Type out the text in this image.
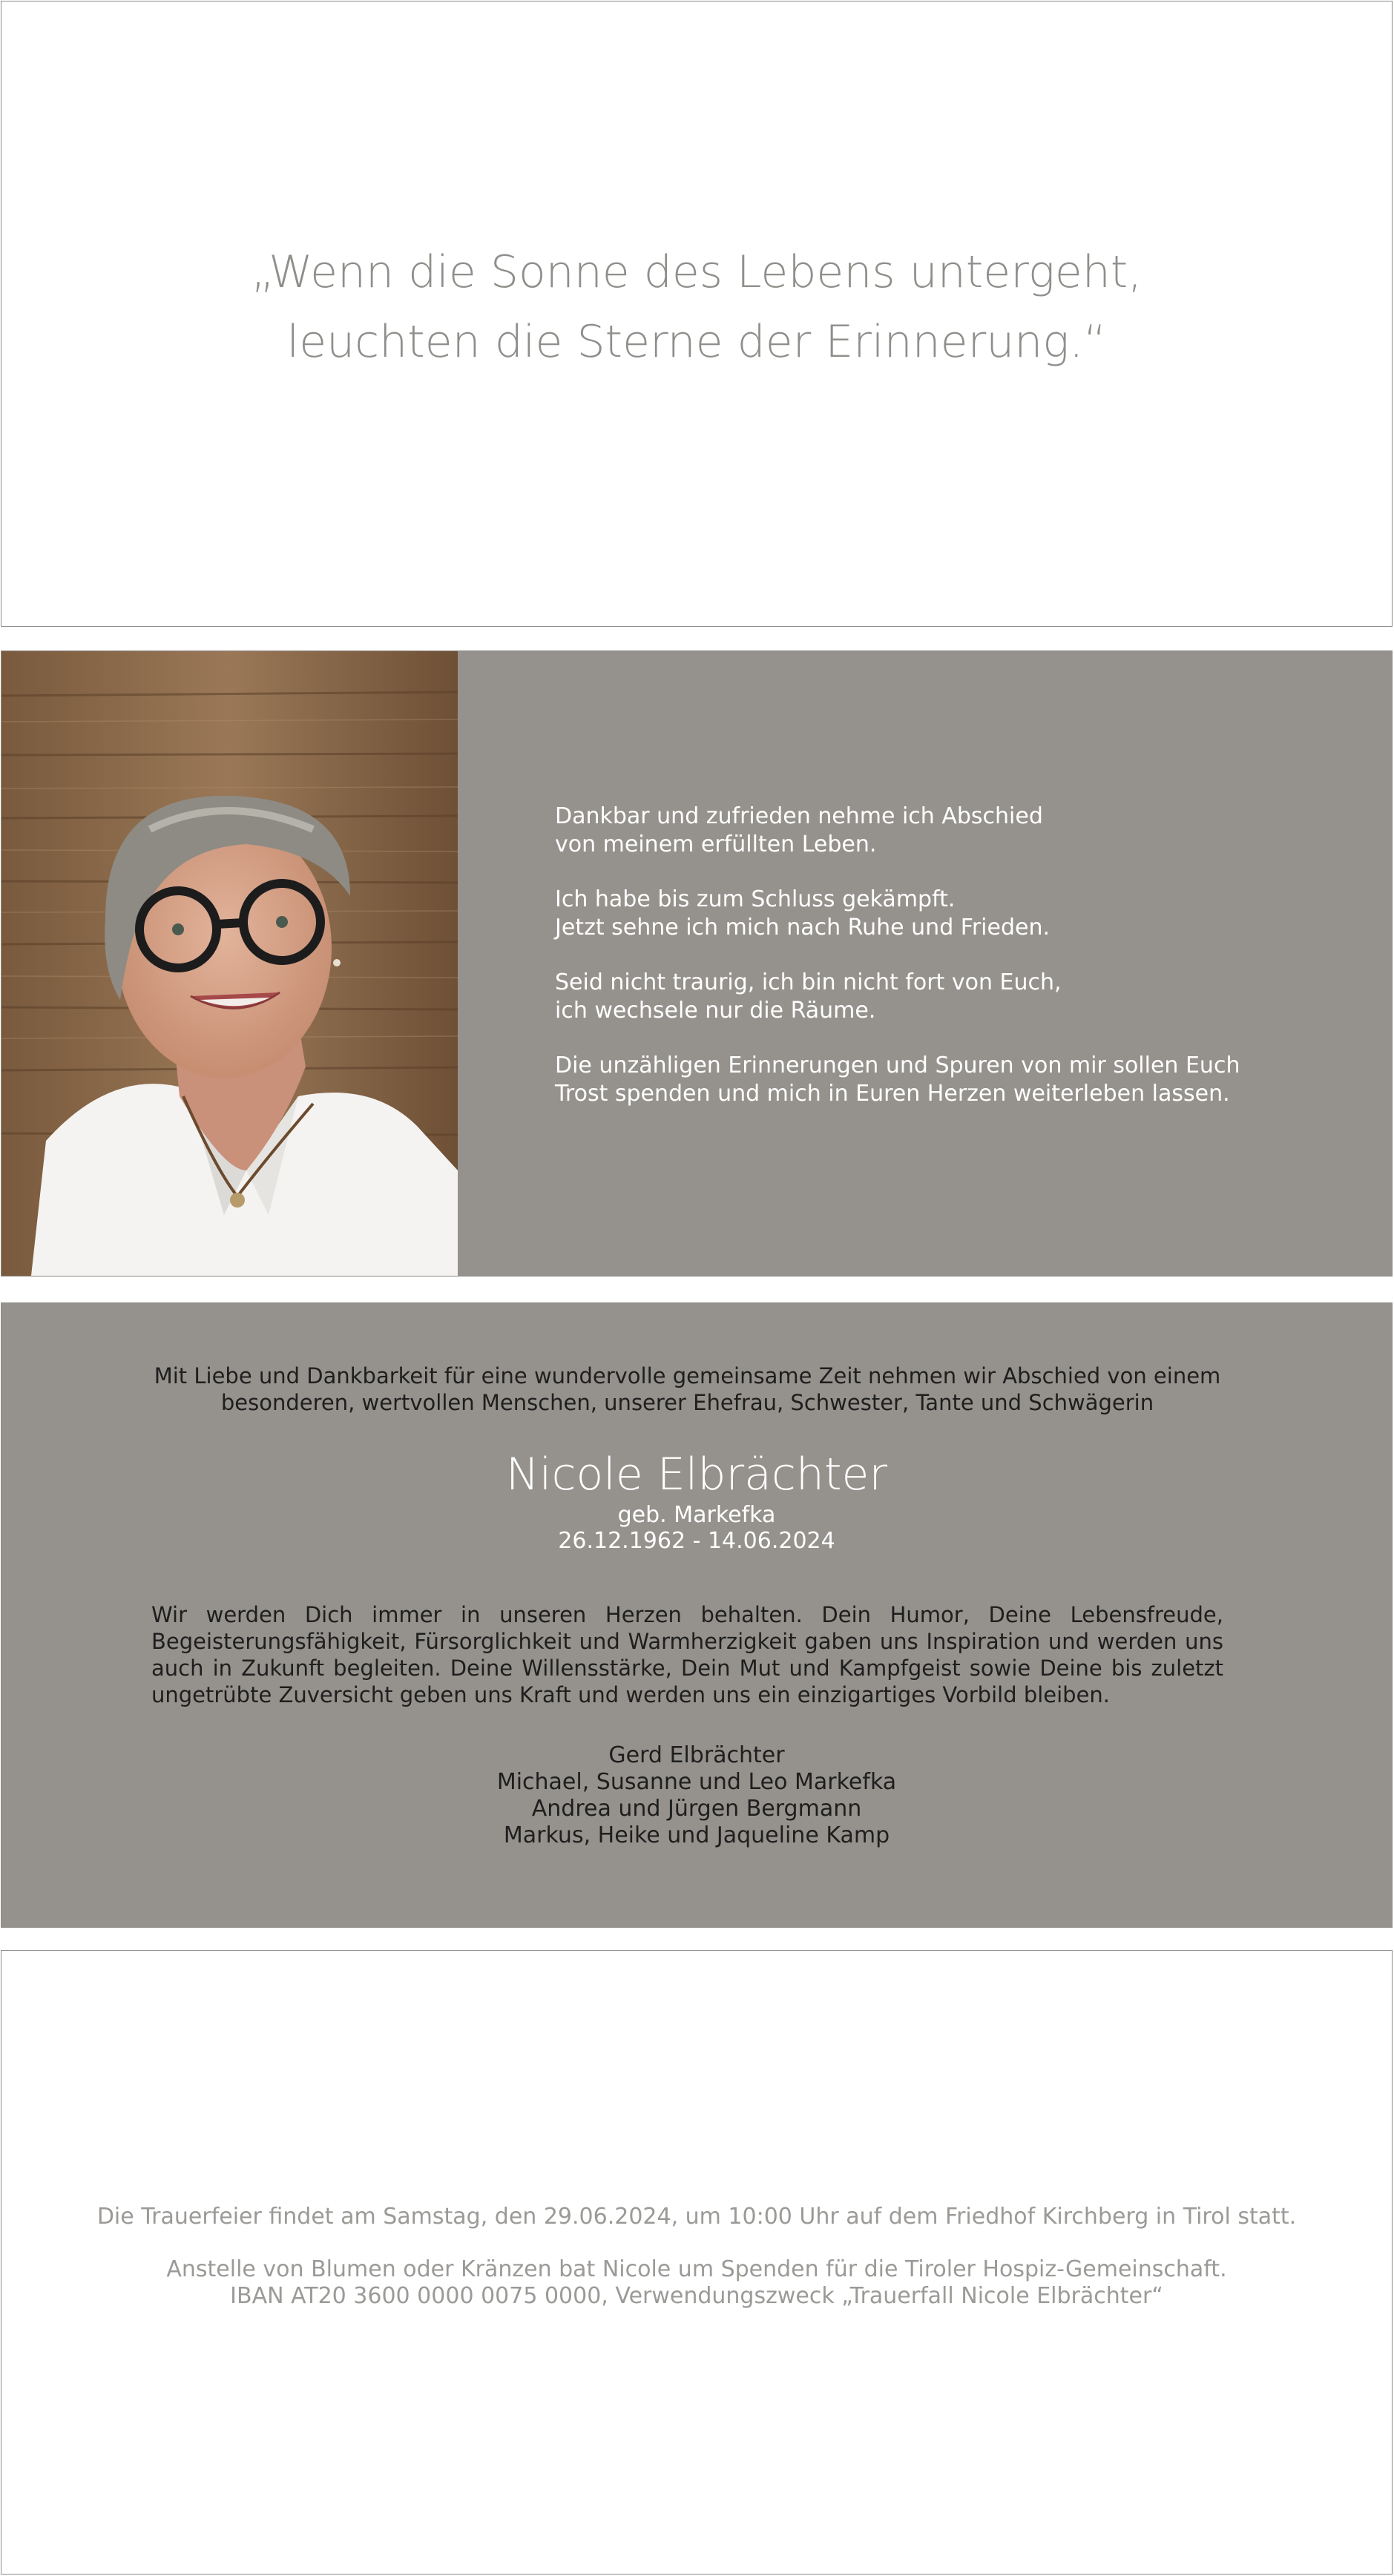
„Wenn die Sonne des Lebens untergeht,
leuchten die Sterne der Erinnerung.“

Dankbar und zufrieden nehme ich Abschied
von meinem erfüllten Leben.

Ich habe bis zum Schluss gekämpft.
Jetzt sehne ich mich nach Ruhe und Frieden.

Seid nicht traurig, ich bin nicht fort von Euch,
ich wechsele nur die Räume.

Die unzähligen Erinnerungen und Spuren von mir sollen Euch
Trost spenden und mich in Euren Herzen weiterleben lassen.

Mit Liebe und Dankbarkeit für eine wundervolle gemeinsame Zeit nehmen wir Abschied von einem besonderen, wertvollen Menschen, unserer Ehefrau, Schwester, Tante und Schwägerin
Nicole Elbrächter
geb. Markefka
26.12.1962 - 14.06.2024
Wir werden Dich immer in unseren Herzen behalten. Dein Humor, Deine Lebensfreude, Begeisterungsfähigkeit, Fürsorglichkeit und Warmherzigkeit gaben uns Inspiration und werden uns auch in Zukunft begleiten. Deine Willensstärke, Dein Mut und Kampfgeist sowie Deine bis zuletzt ungetrübte Zuversicht geben uns Kraft und werden uns ein einzigartiges Vorbild bleiben.
Gerd Elbrächter
Michael, Susanne und Leo Markefka
Andrea und Jürgen Bergmann
Markus, Heike und Jaqueline Kamp
Die Trauerfeier findet am Samstag, den 29.06.2024, um 10:00 Uhr auf dem Friedhof Kirchberg in Tirol statt.
Anstelle von Blumen oder Kränzen bat Nicole um Spenden für die Tiroler Hospiz-Gemeinschaft.
IBAN AT20 3600 0000 0075 0000, Verwendungszweck „Trauerfall Nicole Elbrächter“
